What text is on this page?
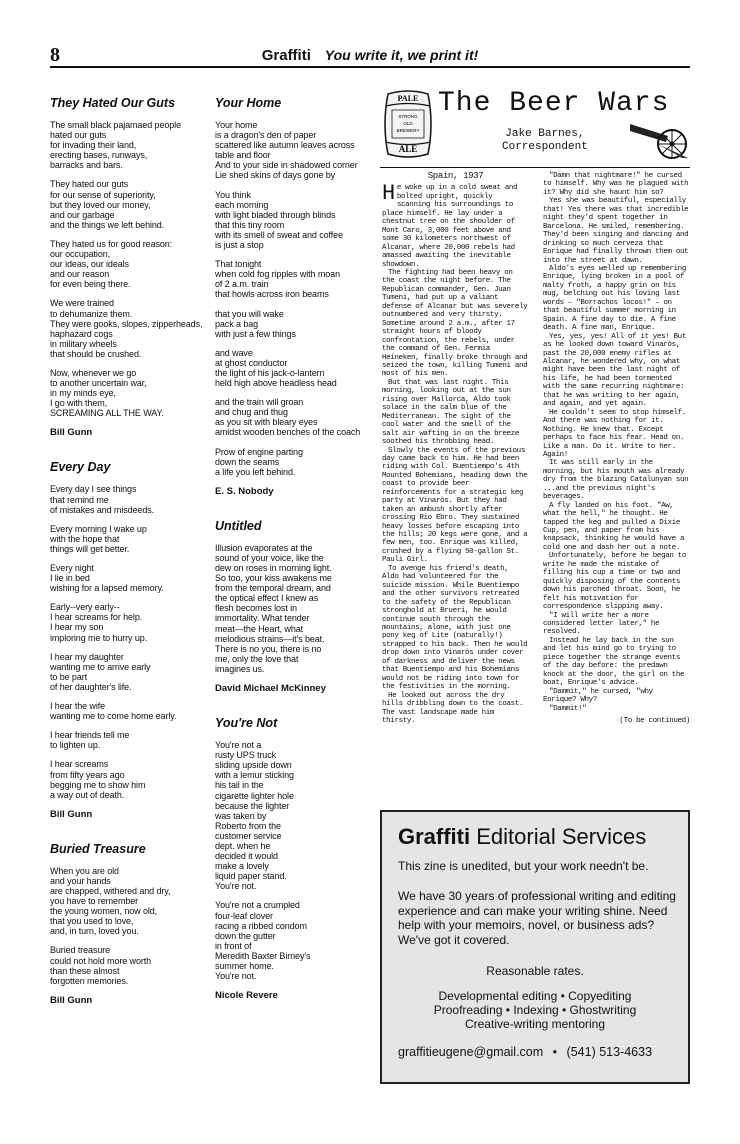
8	Graffiti You write it, we print it!
They Hated Our Guts
The small black pajamaed people
hated our guts
for invading their land,
erecting bases, runways,
barracks and bars.
They hated our guts
for our sense of superiority,
but they loved our money,
and our garbage
and the things we left behind.
They hated us for good reason:
our occupation,
our ideas, our ideals
and our reason
for even being there.
We were trained
to dehumanize them.
They were gooks, slopes, zipperheads,
haphazard cogs
in military wheels
that should be crushed.
Now, whenever we go
to another uncertain war,
in my minds eye,
I go with them,
SCREAMING ALL THE WAY.
Bill Gunn
Every Day
Every day I see things
that remind me
of mistakes and misdeeds.
Every morning I wake up
with the hope that
things will get better.
Every night
I lie in bed
wishing for a lapsed memory.
Early--very early--
I hear screams for help.
I hear my son
imploring me to hurry up.
I hear my daughter
wanting me to arrive early
to be part
of her daughter's life.
I hear the wife
wanting me to come home early.
I hear friends tell me
to lighten up.
I hear screams
from fifty years ago
begging me to show him
a way out of death.
Bill Gunn
Buried Treasure
When you are old
and your hands
are chapped, withered and dry,
you have to remember
the young women, now old,
that you used to love,
and, in turn, loved you.
Buried treasure
could not hold more worth
than these almost
forgotten memories.
Bill Gunn
Your Home
Your home
is a dragon's den of paper
scattered like autumn leaves across
table and floor
And to your side in shadowed corner
Lie shed skins of days gone by
You think
each morning
with light bladed through blinds
that this tiny room
with its smell of sweat and coffee
is just a stop
That tonight
when cold fog ripples with moan
of 2 a.m. train
that howls across iron beams
that you will wake
pack a bag
with just a few things
and wave
at ghost conductor
the light of his jack-o-lantern
held high above headless head
and the train will groan
and chug and thug
as you sit with bleary eyes
amidst wooden benches of the coach
Prow of engine parting
down the seams
a life you left behind.
E. S. Nobody
Untitled
Illusion evaporates at the
sound of your voice, like the
dew on roses in morning light.
So too, your kiss awakens me
from the temporal dream, and
the optical effect I knew as
flesh becomes lost in
immortality. What tender
meat—the Heart, what
melodious strains—it's beat.
There is no you, there is no
me, only the love that
imagines us.
David Michael McKinney
You're Not
You're not a
rusty UPS truck
sliding upside down
with a lemur sticking
his tail in the
cigarette lighter hole
because the lighter
was taken by
Roberto from the
customer service
dept. when he
decided it would
make a lovely
liquid paper stand.
You're not.
You're not a crumpled
four-leaf clover
racing a ribbed condom
down the gutter
in front of
Meredith Baxter Birney's
summer home.
You're not.
Nicole Revere
PALE
STRONG
OLD
BREWERY
ALE
The Beer Wars
Jake Barnes,
Correspondent
Spain, 1937

He woke up in a cold sweat and bolted upright, quickly scanning his surroundings to place himself. He lay under a chestnut tree on the shoulder of Mont Caro, 3,000 feet above and some 30 kilometers northwest of Alcanar, where 20,000 rebels had amassed awaiting the inevitable showdown.

The fighting had been heavy on the coast the night before. The Republican commander, Gen. Juan Tumeni, had put up a valiant defense of Alcanar but was severely outnumbered and very thirsty. Sometime around 2 a.m., after 17 straight hours of bloody confrontation, the rebels, under the command of Gen. Fermia Heineken, finally broke through and seized the town, killing Tumeni and most of his men.

But that was last night. This morning, looking out at the sun rising over Mallorca, Aldo took solace in the calm blue of the Mediterranean. The sight of the cool water and the smell of the salt air wafting in on the breeze soothed his throbbing head.

Slowly the events of the previous day came back to him. He had been riding with Col. Buentiempo's 4th Mounted Bohemians, heading down the coast to provide beer reinforcements for a strategic keg party at Vinaròs. But they had taken an ambush shortly after crossing Rio Ebro. They sustained heavy losses before escaping into the hills; 20 kegs were gone, and a few men, too. Enrique was killed, crushed by a flying 50-gallon St. Pauli Girl.

To avenge his friend's death, Aldo had volunteered for the suicide mission. While Buentiempo and the other survivors retreated to the safety of the Republican stronghold at Brueri, he would continue south through the mountains, alone, with just one pony keg of Lite (naturally!) strapped to his back. Then he would drop down into Vinaròs under cover of darkness and deliver the news that Buentiempo and his Bohemians would not be riding into town for the festivities in the morning.

He looked out across the dry hills dribbling down to the coast. The vast landscape made him thirsty.

"Damn that nightmare!" he cursed to himself. Why was he plagued with it? Why did she haunt him so?

Yes she was beautiful, especially that! Yes there was that incredible night they'd spent together in Barcelona. He smiled, remembering. They'd been singing and dancing and drinking so much cerveza that Enrique had finally thrown them out into the street at dawn.

Aldo's eyes welled up remembering Enrique, lying broken in a pool of malty froth, a happy grin on his mug, belching out his loving last words – "Borrachos locos!" – on that beautiful summer morning in Spain. A fine day to die. A fine death. A fine man, Enrique.

Yes, yes, yes! All of it yes! But as he looked down toward Vinaròs, past the 20,000 enemy rifles at Alcanar, he wondered why, on what might have been the last night of his life, he had been tormented with the same recurring nightmare: that he was writing to her again, and again, and yet again.

He couldn't seem to stop himself. And there was nothing for it. Nothing. He knew that. Except perhaps to face his fear. Head on. Like a man. Do it. Write to her. Again!

It was still early in the morning, but his mouth was already dry from the blazing Catalunyan sun ...and the previous night's beverages.

A fly landed on his foot. "Aw, what the hell," he thought. He tapped the keg and pulled a Dixie Cup, pen, and paper from his knapsack, thinking he would have a cold one and dash her out a note.

Unfortunately, before he began to write he made the mistake of filling his cup a time or two and quickly disposing of the contents down his parched throat. Soon, he felt his motivation for correspondence slipping away.

"I will write her a more considered letter later," he resolved.

Instead he lay back in the sun and let his mind go to trying to piece together the strange events of the day before: the predawn knock at the door, the girl on the boat, Enrique's advice.

"Dammit," he cursed, "why Enrique? Why?

"Dammit!"

(To be continued)
Graffiti Editorial Services
This zine is unedited, but your work needn't be.
We have 30 years of professional writing and editing experience and can make your writing shine. Need help with your memoirs, novel, or business ads? We've got it covered.
Reasonable rates.
Developmental editing • Copyediting
Proofreading • Indexing • Ghostwriting
Creative-writing mentoring
graffitieugene@gmail.com • (541) 513-4633
